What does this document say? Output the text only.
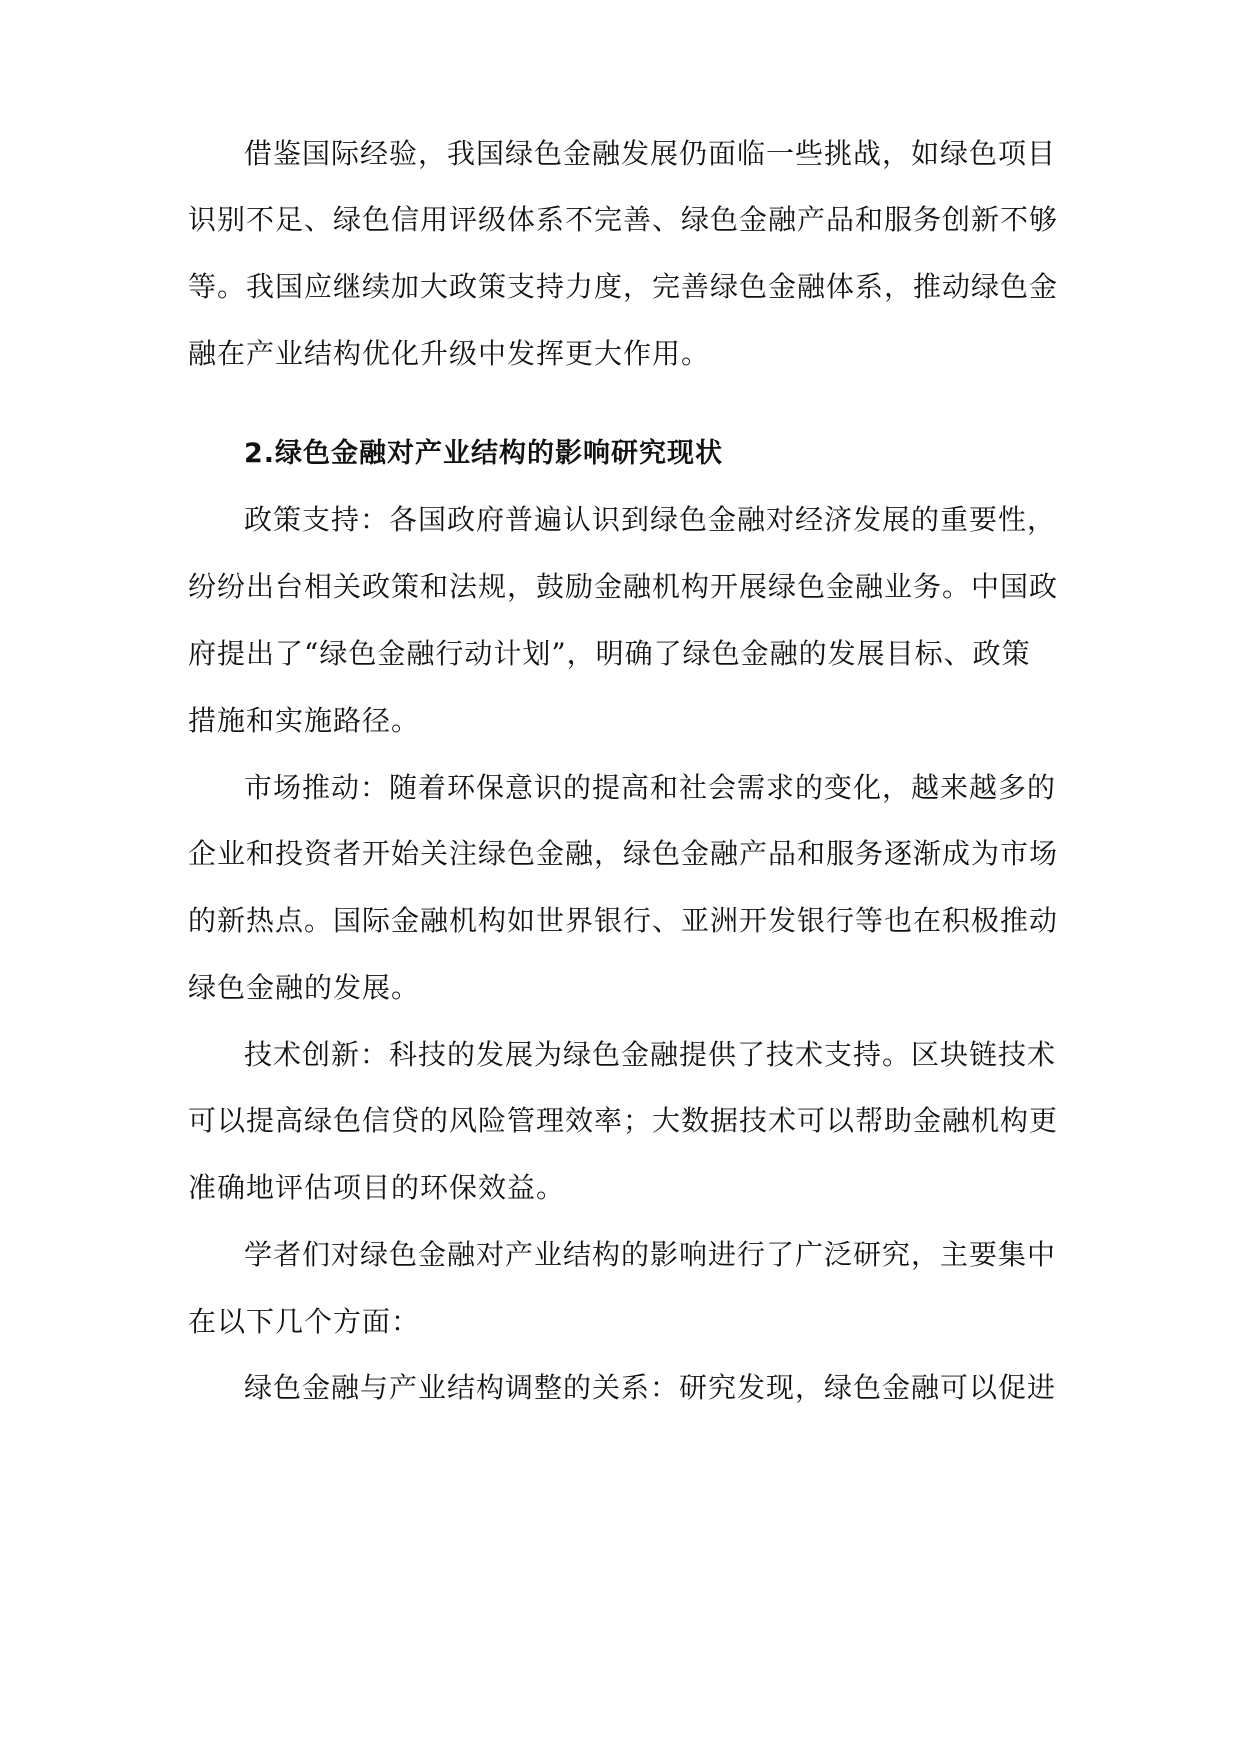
借鉴国际经验，我国绿色金融发展仍面临一些挑战，如绿色项目
识别不足、绿色信用评级体系不完善、绿色金融产品和服务创新不够
等。我国应继续加大政策支持力度，完善绿色金融体系，推动绿色金
融在产业结构优化升级中发挥更大作用。
2.绿色金融对产业结构的影响研究现状
政策支持：各国政府普遍认识到绿色金融对经济发展的重要性，
纷纷出台相关政策和法规，鼓励金融机构开展绿色金融业务。中国政
府提出了“绿色金融行动计划”，明确了绿色金融的发展目标、政策
措施和实施路径。
市场推动：随着环保意识的提高和社会需求的变化，越来越多的
企业和投资者开始关注绿色金融，绿色金融产品和服务逐渐成为市场
的新热点。国际金融机构如世界银行、亚洲开发银行等也在积极推动
绿色金融的发展。
技术创新：科技的发展为绿色金融提供了技术支持。区块链技术
可以提高绿色信贷的风险管理效率；大数据技术可以帮助金融机构更
准确地评估项目的环保效益。
学者们对绿色金融对产业结构的影响进行了广泛研究，主要集中
在以下几个方面：
绿色金融与产业结构调整的关系：研究发现，绿色金融可以促进
